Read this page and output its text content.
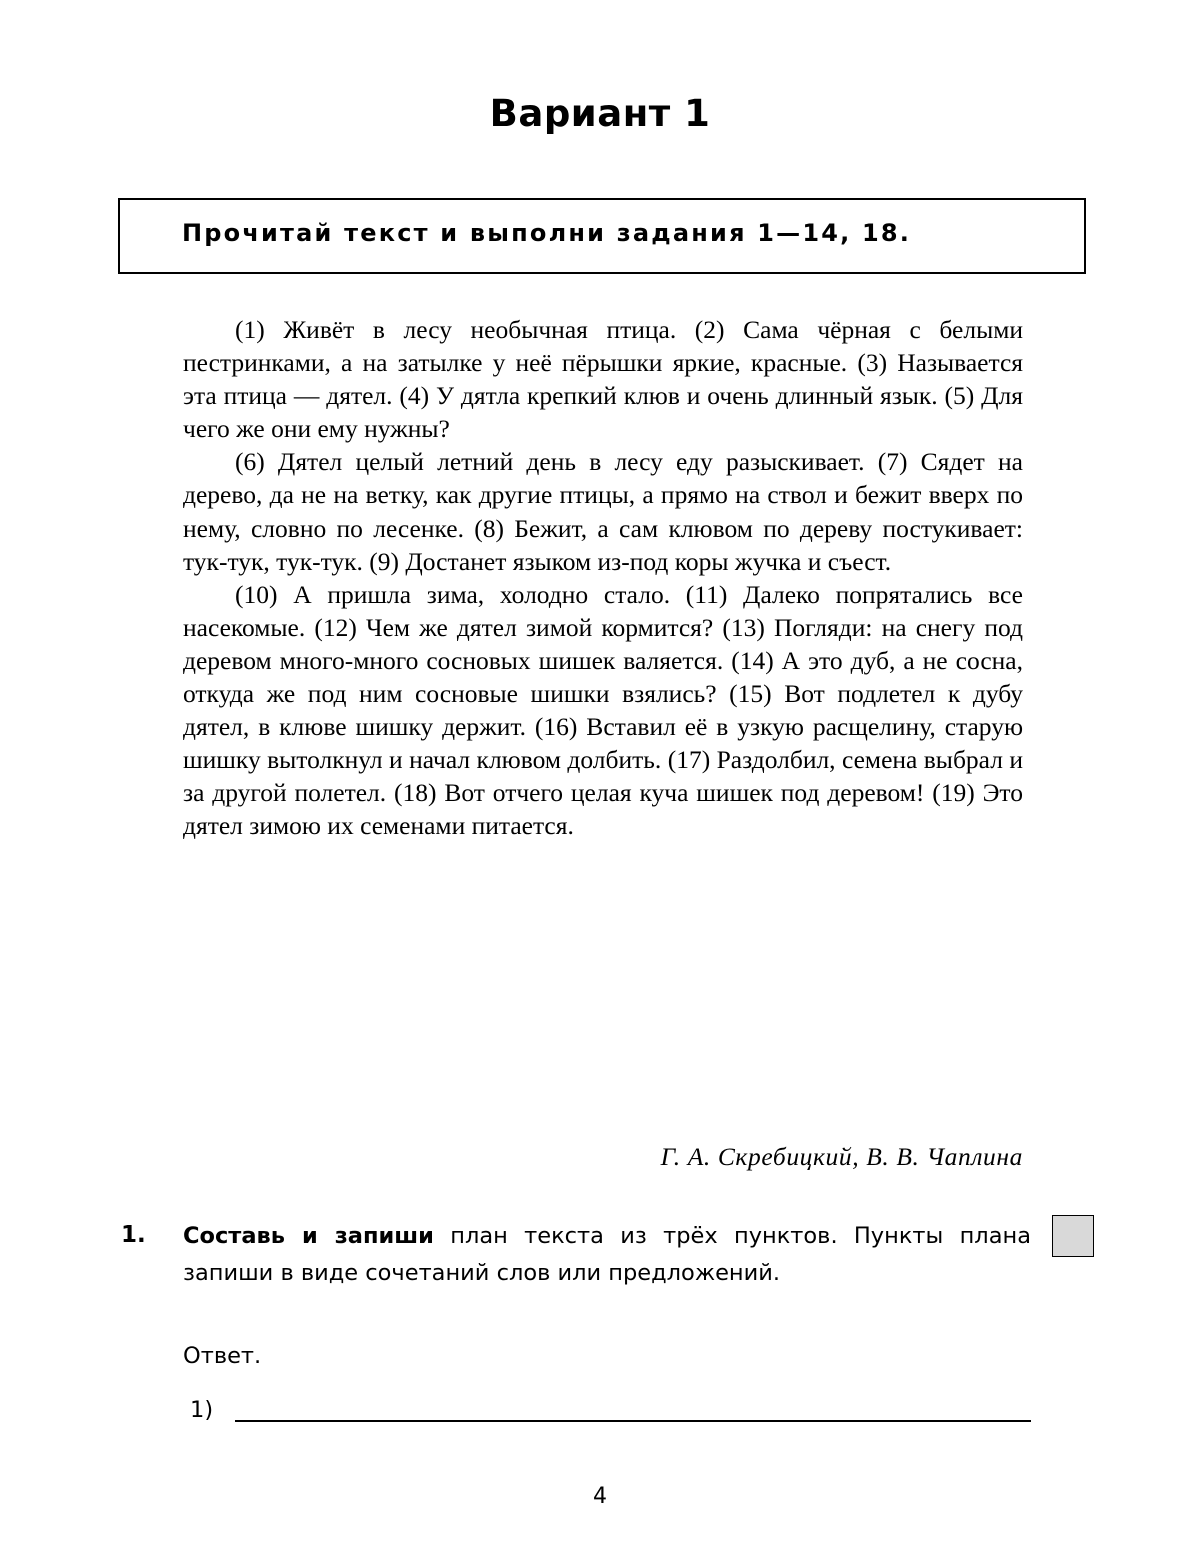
Вариант 1
Прочитай текст и выполни задания 1—14, 18.

(1) Живёт в лесу необычная птица. (2) Сама чёрная с белыми пестринками, а на затылке у неё пёрышки яркие, красные. (3) Называется эта птица — дятел. (4) У дятла крепкий клюв и очень длинный язык. (5) Для чего же они ему нужны?

(6) Дятел целый летний день в лесу еду разыскивает. (7) Сядет на дерево, да не на ветку, как другие птицы, а прямо на ствол и бежит вверх по нему, словно по лесенке. (8) Бежит, а сам клювом по дереву постукивает: тук-тук, тук-тук. (9) Достанет языком из-под коры жучка и съест.

(10) А пришла зима, холодно стало. (11) Далеко попрятались все насекомые. (12) Чем же дятел зимой кормится? (13) Погляди: на снегу под деревом много-много сосновых шишек валяется. (14) А это дуб, а не сосна, откуда же под ним сосновые шишки взялись? (15) Вот подлетел к дубу дятел, в клюве шишку держит. (16) Вставил её в узкую расщелину, старую шишку вытолкнул и начал клювом долбить. (17) Раздолбил, семена выбрал и за другой полетел. (18) Вот отчего целая куча шишек под деревом! (19) Это дятел зимою их семенами питается.

Г. А. Скребицкий, В. В. Чаплина
1. Составь и запиши план текста из трёх пунктов. Пункты плана запиши в виде сочетаний слов или предложений.
Ответ.
1)
4
